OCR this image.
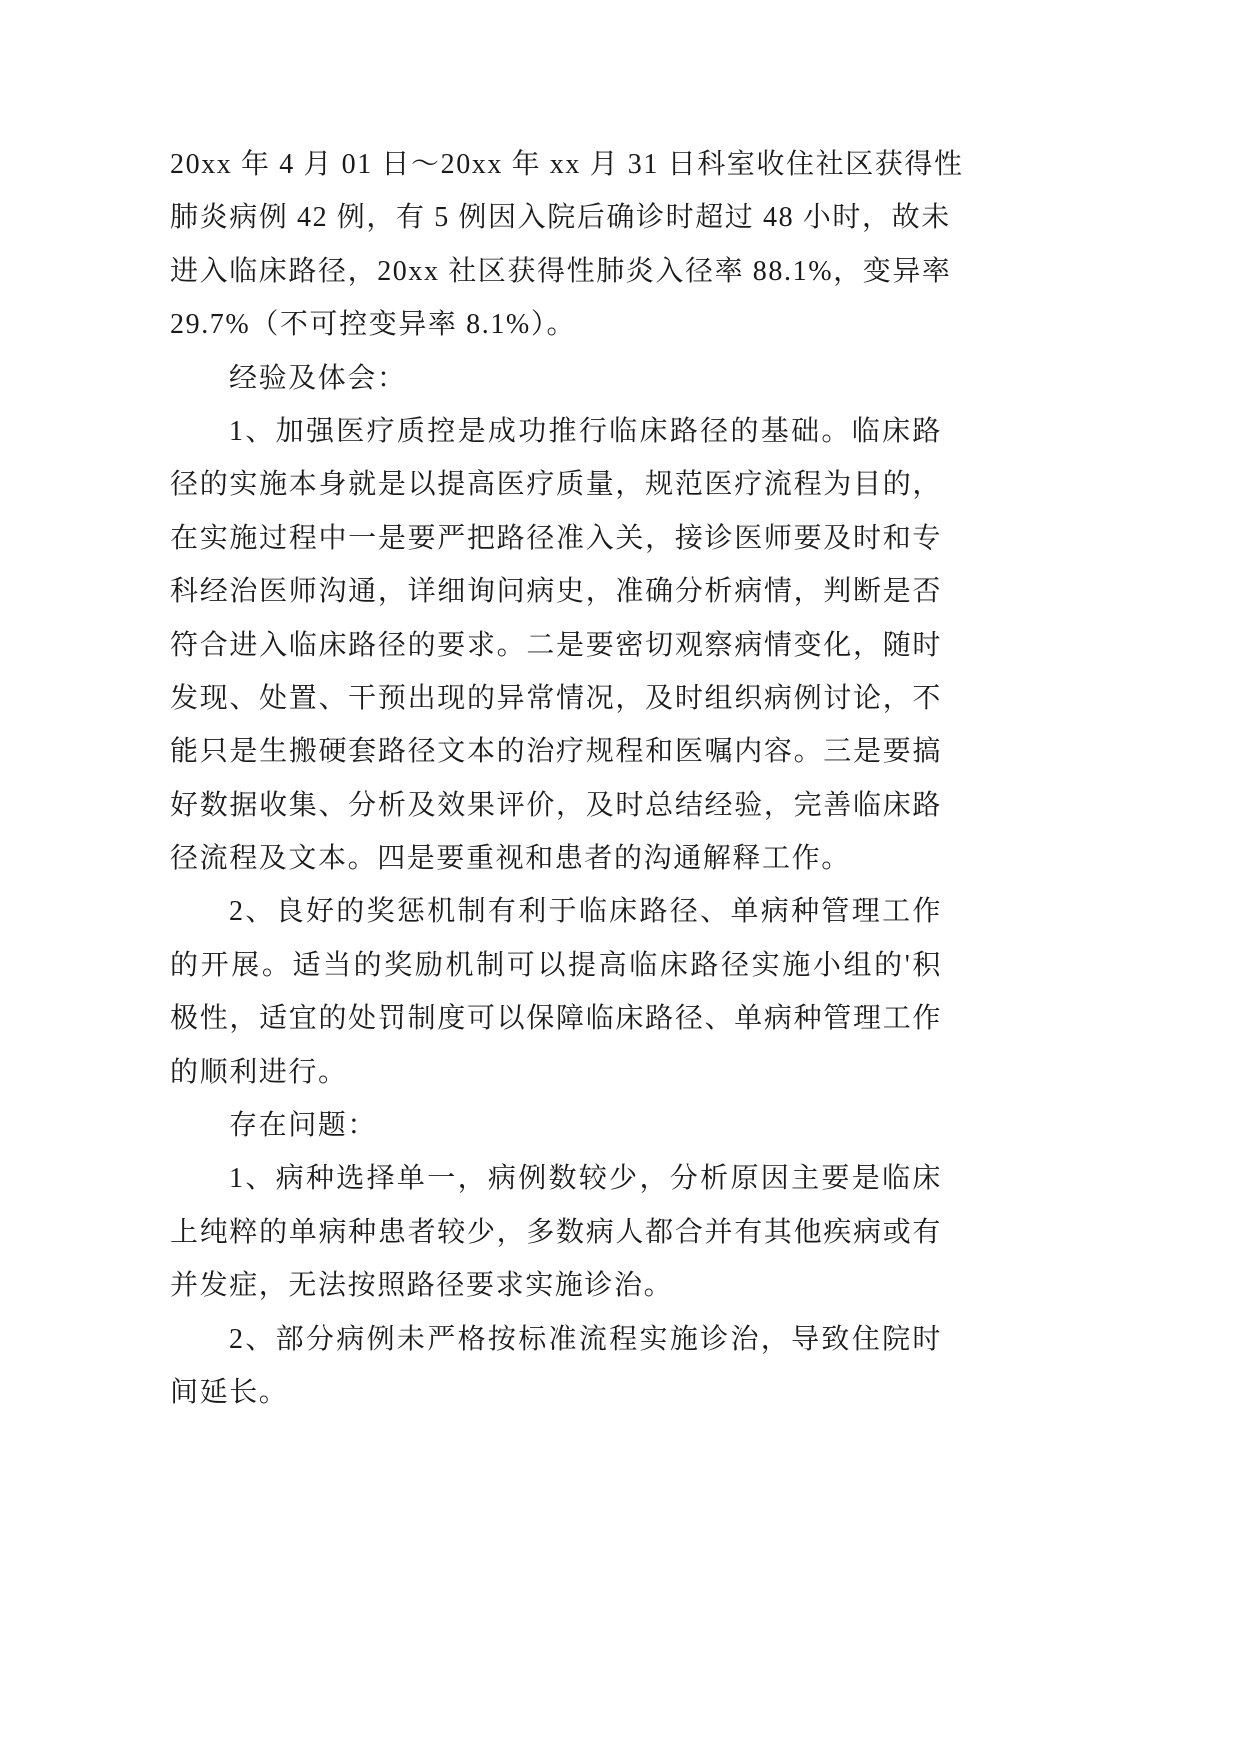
20xx 年 4 月 01 日～20xx 年 xx 月 31 日科室收住社区获得性
肺炎病例 42 例，有 5 例因入院后确诊时超过 48 小时，故未
进入临床路径，20xx 社区获得性肺炎入径率 88.1%，变异率
29.7%（不可控变异率 8.1%）。
经验及体会：
1、加强医疗质控是成功推行临床路径的基础。临床路
径的实施本身就是以提高医疗质量，规范医疗流程为目的，
在实施过程中一是要严把路径准入关，接诊医师要及时和专
科经治医师沟通，详细询问病史，准确分析病情，判断是否
符合进入临床路径的要求。二是要密切观察病情变化，随时
发现、处置、干预出现的异常情况，及时组织病例讨论，不
能只是生搬硬套路径文本的治疗规程和医嘱内容。三是要搞
好数据收集、分析及效果评价，及时总结经验，完善临床路
径流程及文本。四是要重视和患者的沟通解释工作。
2、良好的奖惩机制有利于临床路径、单病种管理工作
的开展。适当的奖励机制可以提高临床路径实施小组的'积
极性，适宜的处罚制度可以保障临床路径、单病种管理工作
的顺利进行。
存在问题：
1、病种选择单一，病例数较少，分析原因主要是临床
上纯粹的单病种患者较少，多数病人都合并有其他疾病或有
并发症，无法按照路径要求实施诊治。
2、部分病例未严格按标准流程实施诊治，导致住院时
间延长。
